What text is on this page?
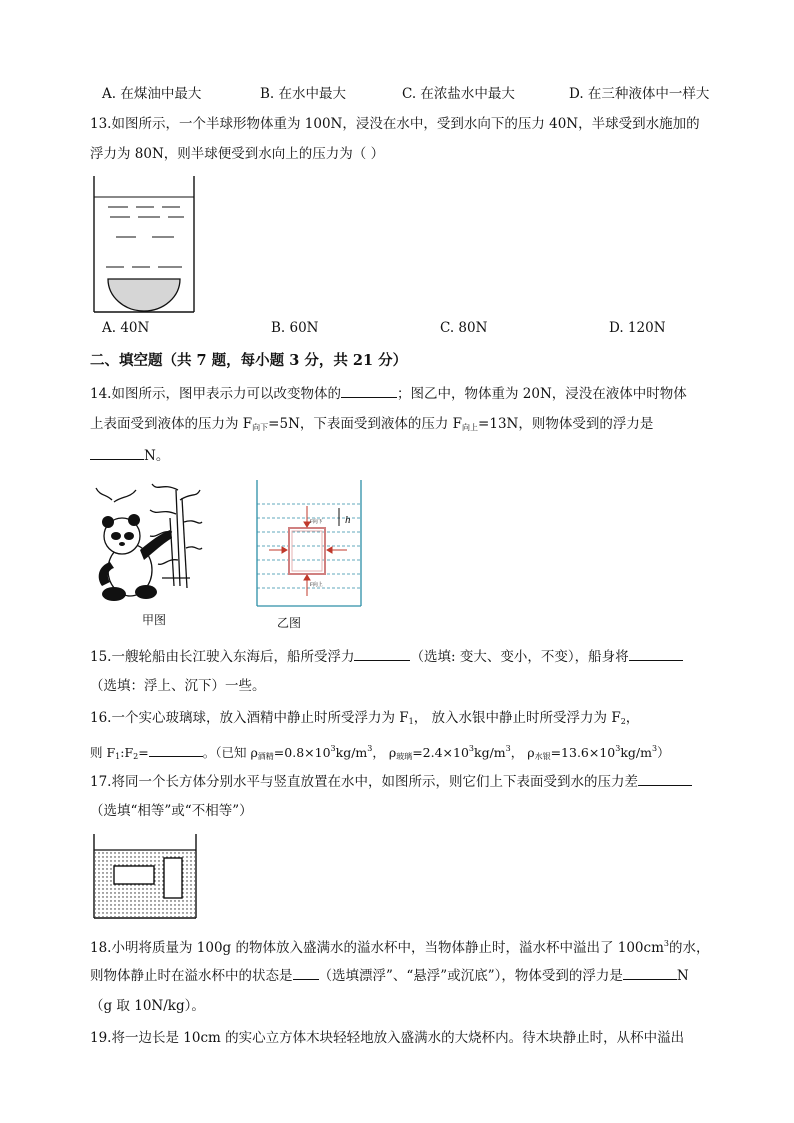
A. 在煤油中最大	B. 在水中最大	C. 在浓盐水中最大	D. 在三种液体中一样大
13.如图所示，一个半球形物体重为 100N，浸没在水中，受到水向下的压力 40N，半球受到水施加的
浮力为 80N，则半球便受到水向上的压力为（ ）
A. 40N	B. 60N	C. 80N	D. 120N
二、填空题（共 7 题，每小题 3 分，共 21 分）
14.如图所示，图甲表示力可以改变物体的	；图乙中，物体重为 20N，浸没在液体中时物体
上表面受到液体的压力为 $F_{向下}=5N$，下表面受到液体的压力 $F_{向上}=13N$，则物体受到的浮力是
N。
甲图
h
F向下
F向上
乙图
15.一艘轮船由长江驶入东海后，船所受浮力	（选填: 变大、变小，不变），船身将
（选填：浮上、沉下）一些。
16.一个实心玻璃球，放入酒精中静止时所受浮力为 $F_1$， 放入水银中静止时所受浮力为 $F_2$，
则 $F_1:F_2=$	。（已知 $\rho_{酒精}=0.8\times 10^3kg/m^3$， $\rho_{玻璃}=2.4\times 10^3kg/m^3$， $\rho_{水银}=13.6\times 10^3kg/m^3$）
17.将同一个长方体分别水平与竖直放置在水中，如图所示，则它们上下表面受到水的压力差
（选填“相等”或“不相等”）
18.小明将质量为 100g 的物体放入盛满水的溢水杯中，当物体静止时，溢水杯中溢出了 $100cm^3$的水，
则物体静止时在溢水杯中的状态是 （选填漂浮”、“悬浮”或沉底”），物体受到的浮力是	N
（g 取 10N/kg）。
19.将一边长是 10cm 的实心立方体木块轻轻地放入盛满水的大烧杯内。待木块静止时，从杯中溢出
